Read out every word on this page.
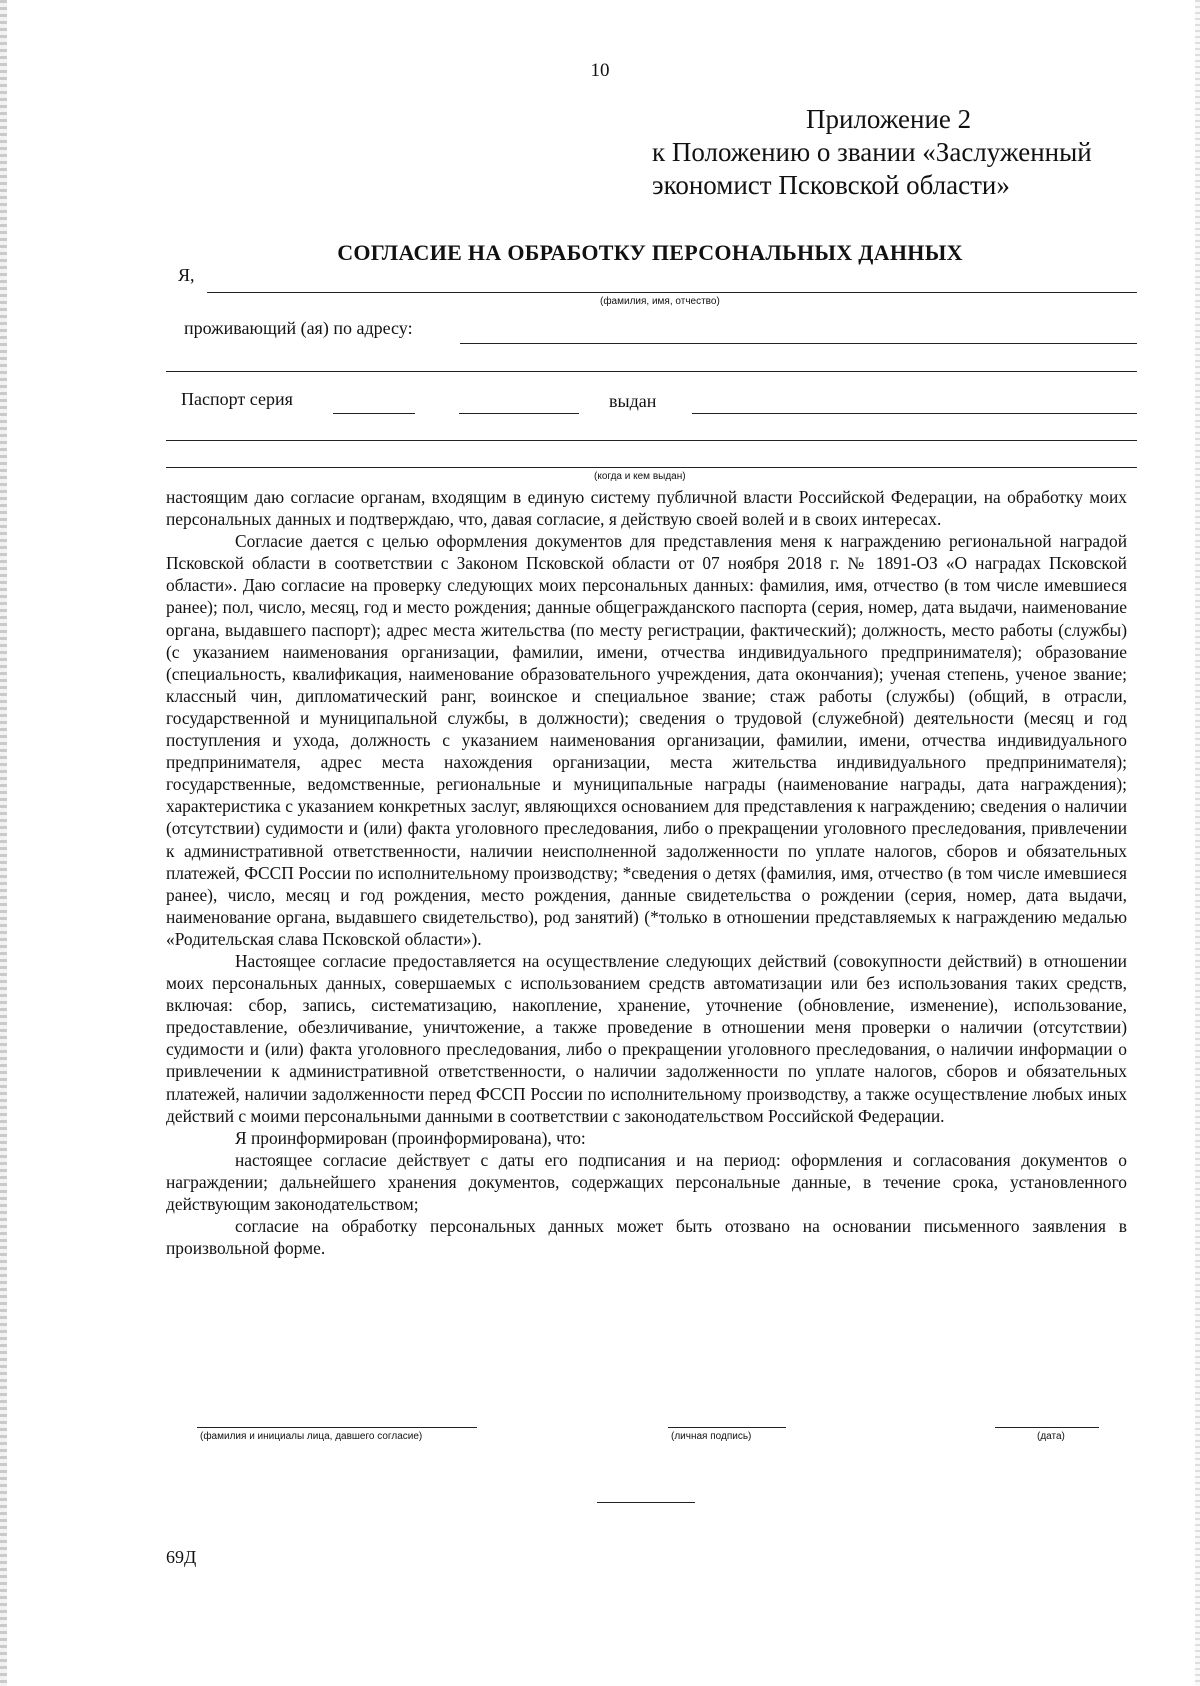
10
Приложение 2
к Положению о звании «Заслуженный
экономист Псковской области»
СОГЛАСИЕ НА ОБРАБОТКУ ПЕРСОНАЛЬНЫХ ДАННЫХ
Я,
(фамилия, имя, отчество)
проживающий (ая) по адресу:
Паспорт серия	выдан
(когда и кем выдан)

настоящим даю согласие органам, входящим в единую систему публичной власти Российской Федерации, на обработку моих персональных данных и подтверждаю, что, давая согласие, я действую своей волей и в своих интересах.

Согласие дается с целью оформления документов для представления меня к награждению региональной наградой Псковской области в соответствии с Законом Псковской области от 07 ноября 2018 г. № 1891-ОЗ «О наградах Псковской области». Даю согласие на проверку следующих моих персональных данных: фамилия, имя, отчество (в том числе имевшиеся ранее); пол, число, месяц, год и место рождения; данные общегражданского паспорта (серия, номер, дата выдачи, наименование органа, выдавшего паспорт); адрес места жительства (по месту регистрации, фактический); должность, место работы (службы) (с указанием наименования организации, фамилии, имени, отчества индивидуального предпринимателя); образование (специальность, квалификация, наименование образовательного учреждения, дата окончания); ученая степень, ученое звание; классный чин, дипломатический ранг, воинское и специальное звание; стаж работы (службы) (общий, в отрасли, государственной и муниципальной службы, в должности); сведения о трудовой (служебной) деятельности (месяц и год поступления и ухода, должность с указанием наименования организации, фамилии, имени, отчества индивидуального предпринимателя, адрес места нахождения организации, места жительства индивидуального предпринимателя); государственные, ведомственные, региональные и муниципальные награды (наименование награды, дата награждения); характеристика с указанием конкретных заслуг, являющихся основанием для представления к награждению; сведения о наличии (отсутствии) судимости и (или) факта уголовного преследования, либо о прекращении уголовного преследования, привлечении к административной ответственности, наличии неисполненной задолженности по уплате налогов, сборов и обязательных платежей, ФССП России по исполнительному производству; *сведения о детях (фамилия, имя, отчество (в том числе имевшиеся ранее), число, месяц и год рождения, место рождения, данные свидетельства о рождении (серия, номер, дата выдачи, наименование органа, выдавшего свидетельство), род занятий) (*только в отношении представляемых к награждению медалью «Родительская слава Псковской области»).

Настоящее согласие предоставляется на осуществление следующих действий (совокупности действий) в отношении моих персональных данных, совершаемых с использованием средств автоматизации или без использования таких средств, включая: сбор, запись, систематизацию, накопление, хранение, уточнение (обновление, изменение), использование, предоставление, обезличивание, уничтожение, а также проведение в отношении меня проверки о наличии (отсутствии) судимости и (или) факта уголовного преследования, либо о прекращении уголовного преследования, о наличии информации о привлечении к административной ответственности, о наличии задолженности по уплате налогов, сборов и обязательных платежей, наличии задолженности перед ФССП России по исполнительному производству, а также осуществление любых иных действий с моими персональными данными в соответствии с законодательством Российской Федерации.

Я проинформирован (проинформирована), что:

настоящее согласие действует с даты его подписания и на период: оформления и согласования документов о награждении; дальнейшего хранения документов, содержащих персональные данные, в течение срока, установленного действующим законодательством;

согласие на обработку персональных данных может быть отозвано на основании письменного заявления в произвольной форме.

(фамилия и инициалы лица, давшего согласие)	(личная подпись)	(дата)
69Д
